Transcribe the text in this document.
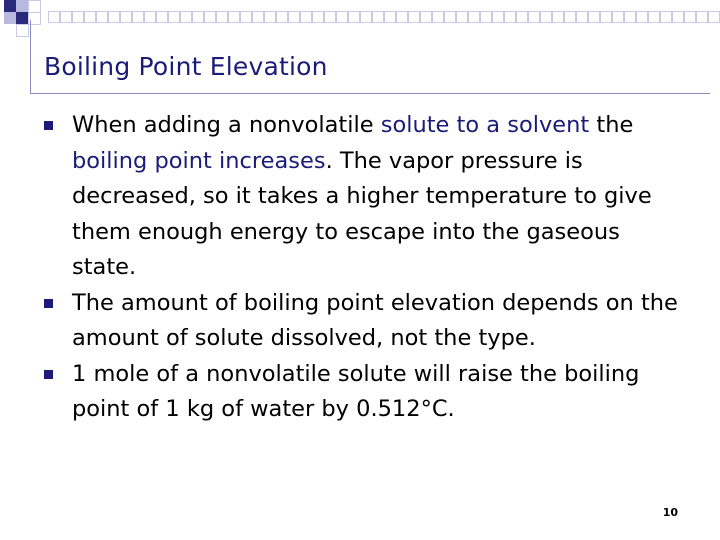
Boiling Point Elevation
When adding a nonvolatile solute to a solvent the boiling point increases. The vapor pressure is decreased, so it takes a higher temperature to give them enough energy to escape into the gaseous state.
The amount of boiling point elevation depends on the amount of solute dissolved, not the type.
1 mole of a nonvolatile solute will raise the boiling point of 1 kg of water by 0.512°C.
10
